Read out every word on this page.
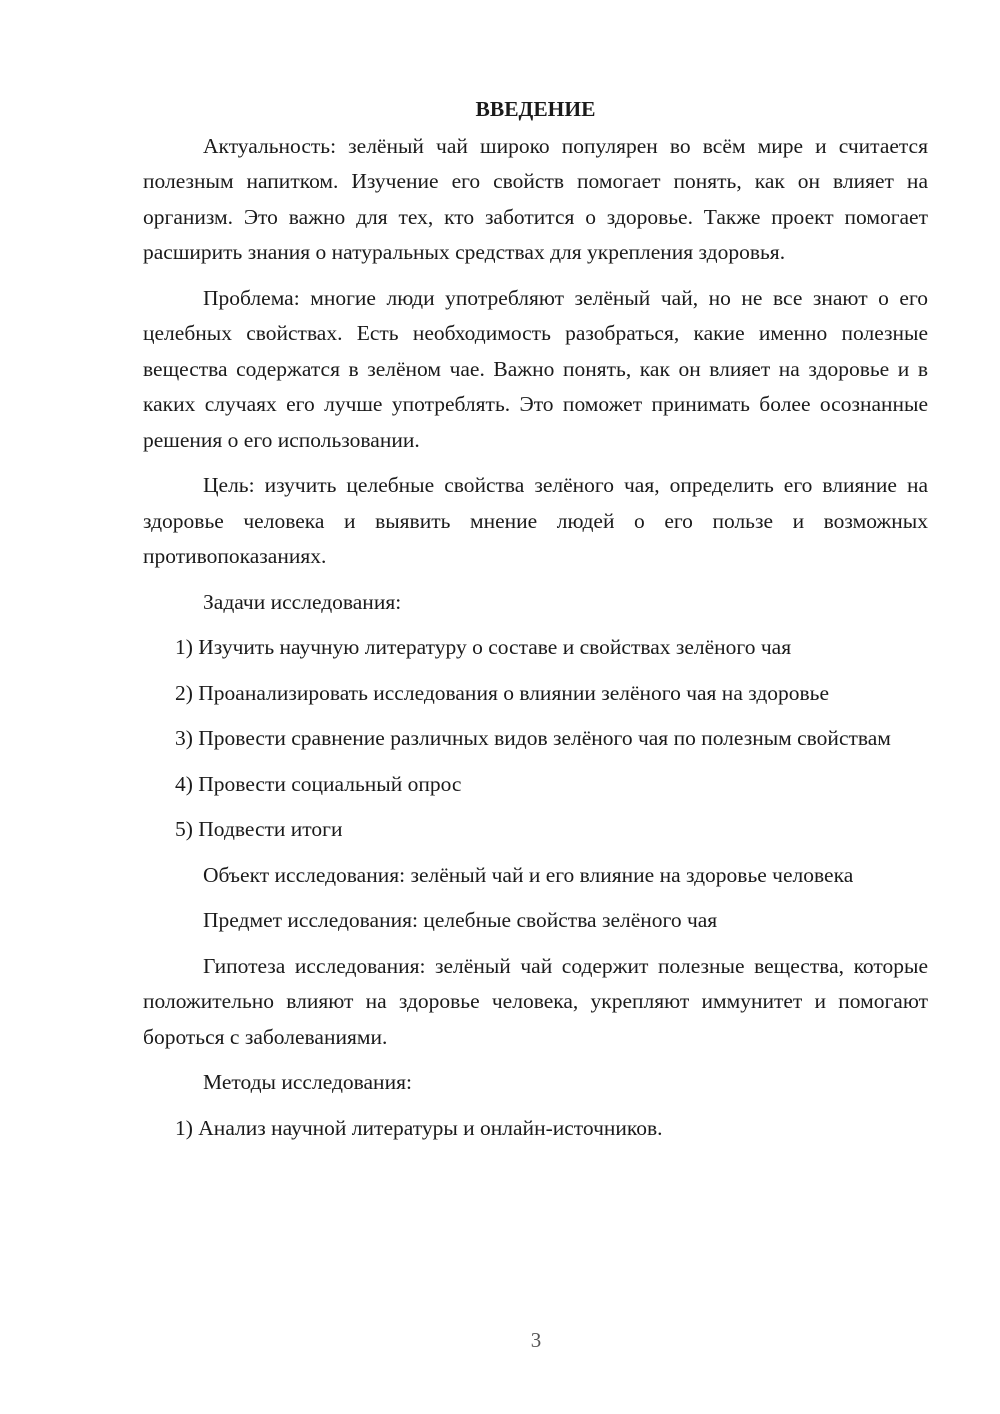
ВВЕДЕНИЕ

Актуальность: зелёный чай широко популярен во всём мире и считается полезным напитком. Изучение его свойств помогает понять, как он влияет на организм. Это важно для тех, кто заботится о здоровье. Также проект помогает расширить знания о натуральных средствах для укрепления здоровья.

Проблема: многие люди употребляют зелёный чай, но не все знают о его целебных свойствах. Есть необходимость разобраться, какие именно полезные вещества содержатся в зелёном чае. Важно понять, как он влияет на здоровье и в каких случаях его лучше употреблять. Это поможет принимать более осознанные решения о его использовании.

Цель: изучить целебные свойства зелёного чая, определить его влияние на здоровье человека и выявить мнение людей о его пользе и возможных противопоказаниях.

Задачи исследования:

1) Изучить научную литературу о составе и свойствах зелёного чая

2) Проанализировать исследования о влиянии зелёного чая на здоровье

3) Провести сравнение различных видов зелёного чая по полезным свойствам

4) Провести социальный опрос

5) Подвести итоги

Объект исследования: зелёный чай и его влияние на здоровье человека

Предмет исследования: целебные свойства зелёного чая

Гипотеза исследования: зелёный чай содержит полезные вещества, которые положительно влияют на здоровье человека, укрепляют иммунитет и помогают бороться с заболеваниями.

Методы исследования:

1) Анализ научной литературы и онлайн-источников.

3
